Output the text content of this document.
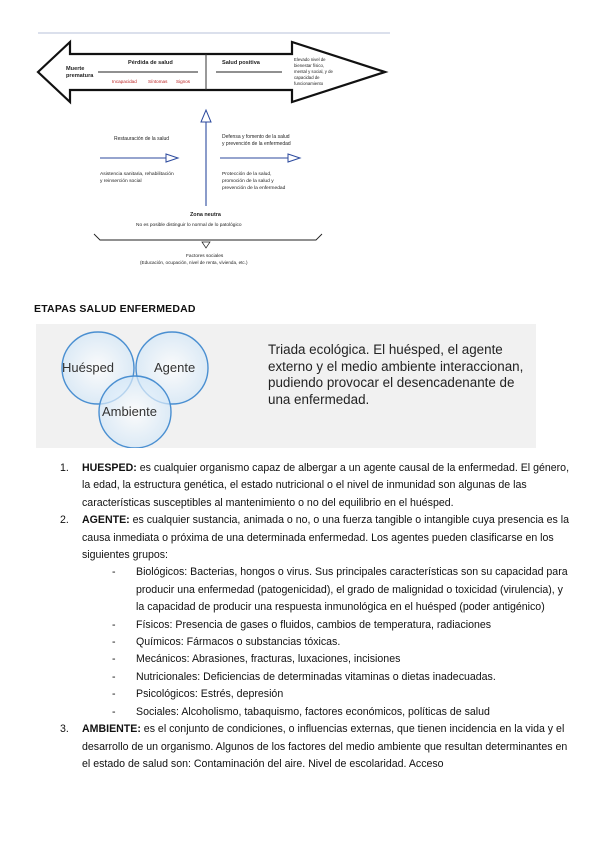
Muerte
prematura
Pérdida de salud
Incapacidad Síntomas Signos
Salud positiva
Elevado nivel de
bienestar físico,
mental y social, y de
capacidad de
funcionamiento
Restauración de la salud	Defensa y fomento de la salud
y prevención de la enfermedad
Asistencia sanitaria, rehabilitación
y reinserción social
Protección de la salud,
promoción de la salud y
prevención de la enfermedad
Zona neutra
No es posible distinguir lo normal de lo patológico
Factores sociales
(Educación, ocupación, nivel de renta, vivienda, etc.)
ETAPAS SALUD ENFERMEDAD
Huésped	Agente
Ambiente
Triada ecológica. El huésped, el agente externo y el medio ambiente interaccionan, pudiendo provocar el desencadenante de una enfermedad.
1. HUESPED: es cualquier organismo capaz de albergar a un agente causal de la enfermedad. El género, la edad, la estructura genética, el estado nutricional o el nivel de inmunidad son algunas de las características susceptibles al mantenimiento o no del equilibrio en el huésped.
2. AGENTE: es cualquier sustancia, animada o no, o una fuerza tangible o intangible cuya presencia es la causa inmediata o próxima de una determinada enfermedad. Los agentes pueden clasificarse en los siguientes grupos:
- Biológicos: Bacterias, hongos o virus. Sus principales características son su capacidad para producir una enfermedad (patogenicidad), el grado de malignidad o toxicidad (virulencia), y la capacidad de producir una respuesta inmunológica en el huésped (poder antigénico)
- Físicos: Presencia de gases o fluidos, cambios de temperatura, radiaciones
- Químicos: Fármacos o substancias tóxicas.
- Mecánicos: Abrasiones, fracturas, luxaciones, incisiones
- Nutricionales: Deficiencias de determinadas vitaminas o dietas inadecuadas.
- Psicológicos: Estrés, depresión
- Sociales: Alcoholismo, tabaquismo, factores económicos, políticas de salud
3. AMBIENTE: es el conjunto de condiciones, o influencias externas, que tienen incidencia en la vida y el desarrollo de un organismo. Algunos de los factores del medio ambiente que resultan determinantes en el estado de salud son: Contaminación del aire. Nivel de escolaridad. Acceso
